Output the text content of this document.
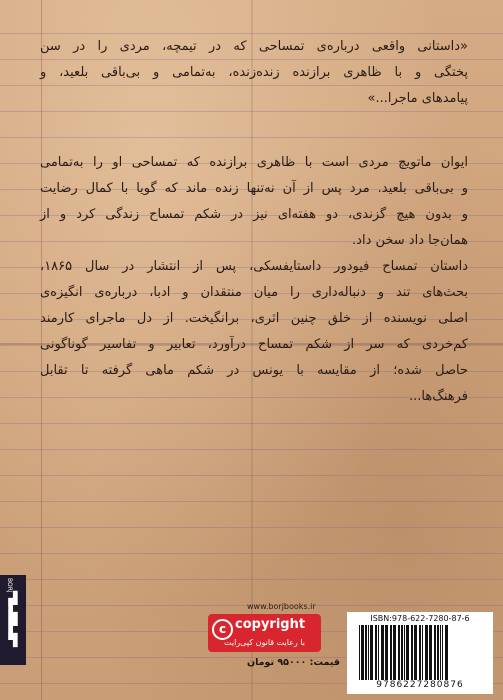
«داستانی واقعی درباره‌ی تمساحی که در تیمچه، مردی را در سن
پختگی و با ظاهری برازنده زنده‌زنده، به‌تمامی و بی‌باقی بلعید، و
پیامدهای ماجرا...»
ایوان ماتویچ مردی است با ظاهری برازنده که تمساحی او را به‌تمامی
و بی‌باقی بلعید. مرد پس از آن نه‌تنها زنده ماند که گویا با کمال رضایت
و بدون هیچ گزندی، دو هفته‌ای نیز در شکم تمساح زندگی کرد و از
همان‌جا داد سخن داد.
داستان تمساح فیودور داستایفسکی، پس از انتشار در سال ۱۸۶۵،
بحث‌های تند و دنباله‌داری را میان منتقدان و ادبا، درباره‌ی انگیزه‌ی
اصلی نویسنده از خلق چنین اثری، برانگیخت. از دل ماجرای کارمند
کم‌خردی که سر از شکم تمساح درآورد، تعابیر و تفاسیر گوناگونی
حاصل شده؛ از مقایسه با یونس در شکم ماهی گرفته تا تقابل
فرهنگ‌ها...
BORJ
▟
▙
▛
▜
www.borjbooks.ir
c copyright
با رعایت قانون کپی‌رایت
قیمت: ۹۵۰۰۰ تومان
ISBN:978-622-7280-87-6
9786227280876
